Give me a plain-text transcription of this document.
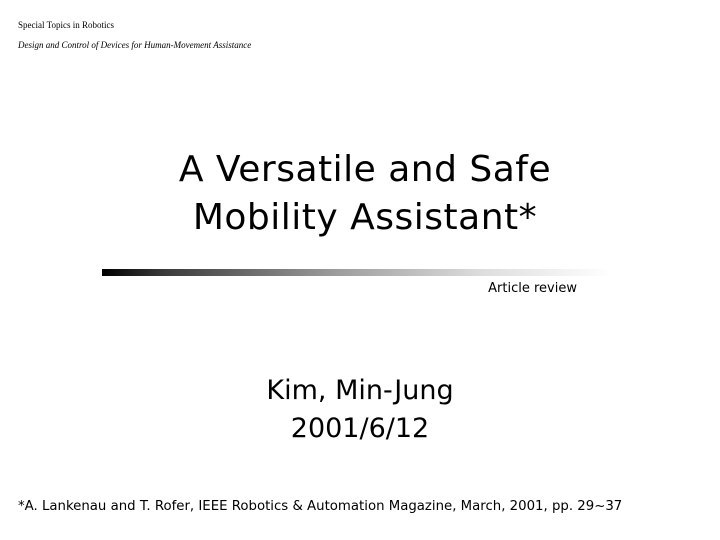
Special Topics in Robotics
Design and Control of Devices for Human-Movement Assistance
A Versatile and Safe
Mobility Assistant*
Article review
Kim, Min-Jung
2001/6/12
*A. Lankenau and T. Rofer, IEEE Robotics & Automation Magazine, March, 2001, pp. 29~37
